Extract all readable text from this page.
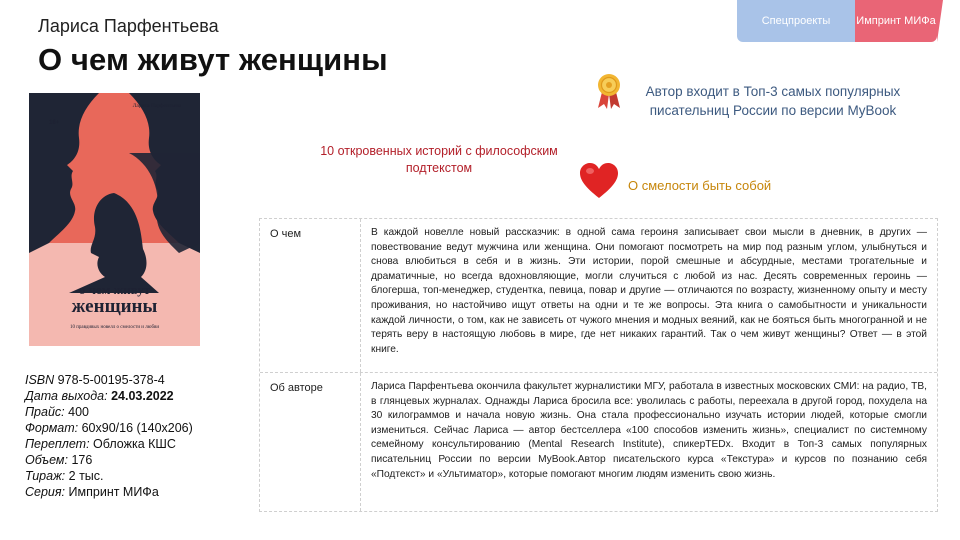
Лариса Парфентьева
О чем живут женщины
Спецпроекты	Импринт МИФа
18+
Лариса Парфентьева
о чем живут
женщины
10 правдивых новелл о смелости и любви
ISBN 978-5-00195-378-4
Дата выхода: 24.03.2022
Прайс: 400
Формат: 60x90/16 (140x206)
Переплет: Обложка КШС
Объем: 176
Тираж: 2 тыс.
Серия: Импринт МИФа
Автор входит в Топ-3 самых популярных писательниц России по версии MyBook
10 откровенных историй с философским подтекстом
О смелости быть собой
О чем	В каждой новелле новый рассказчик: в одной сама героиня записывает свои мысли в дневник, в других — повествование ведут мужчина или женщина. Они помогают посмотреть на мир под разным углом, улыбнуться и снова влюбиться в себя и в жизнь. Эти истории, порой смешные и абсурдные, местами трогательные и драматичные, но всегда вдохновляющие, могли случиться с любой из нас. Десять современных героинь — блогерша, топ-менеджер, студентка, певица, повар и другие — отличаются по возрасту, жизненному опыту и месту проживания, но настойчиво ищут ответы на одни и те же вопросы. Эта книга о самобытности и уникальности каждой личности, о том, как не зависеть от чужого мнения и модных веяний, как не бояться быть многогранной и не терять веру в настоящую любовь в мире, где нет никаких гарантий. Так о чем живут женщины? Ответ — в этой книге.
Об авторе	Лариса Парфентьева окончила факультет журналистики МГУ, работала в известных московских СМИ: на радио, ТВ, в глянцевых журналах. Однажды Лариса бросила все: уволилась с работы, переехала в другой город, похудела на 30 килограммов и начала новую жизнь. Она стала профессионально изучать истории людей, которые смогли измениться. Сейчас Лариса — автор бестселлера «100 способов изменить жизнь», специалист по системному семейному консультированию (Mental Research Institute), спикерTEDx. Входит в Топ-3 самых популярных писательниц России по версии MyBook.Автор писательского курса «Текстура» и курсов по познанию себя «Подтекст» и «Ультиматор», которые помогают многим людям изменить свою жизнь.
